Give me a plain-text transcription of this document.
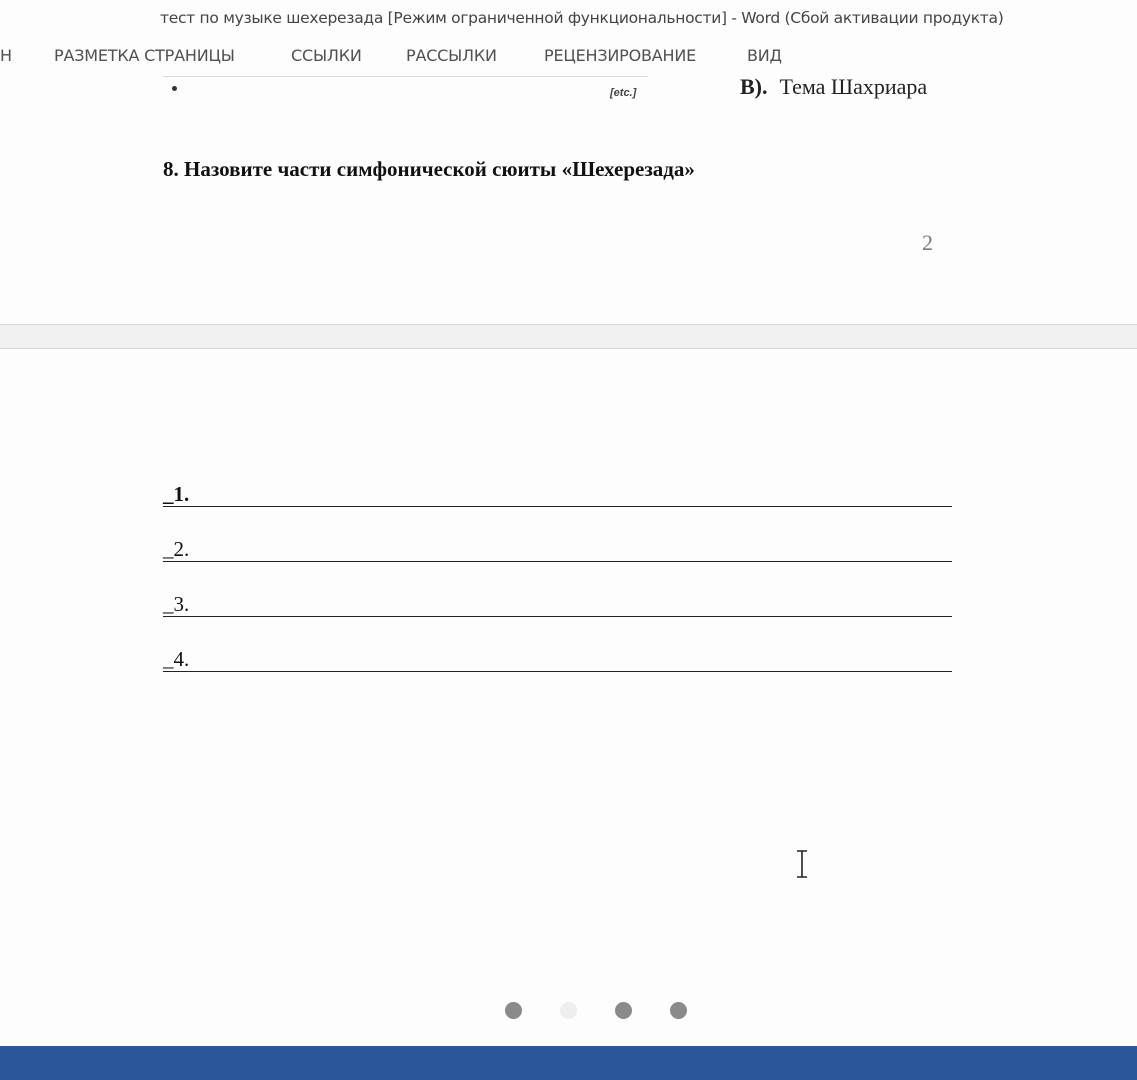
тест по музыке шехерезада [Режим ограниченной функциональности] - Word (Сбой активации продукта)
Н	РАЗМЕТКА СТРАНИЦЫ	ССЫЛКИ	РАССЫЛКИ	РЕЦЕНЗИРОВАНИЕ	ВИД
[etc.]	В). Тема Шахриара
8. Назовите части симфонической сюиты «Шехерезада»
2
_1.
_2.
_3.
_4.
